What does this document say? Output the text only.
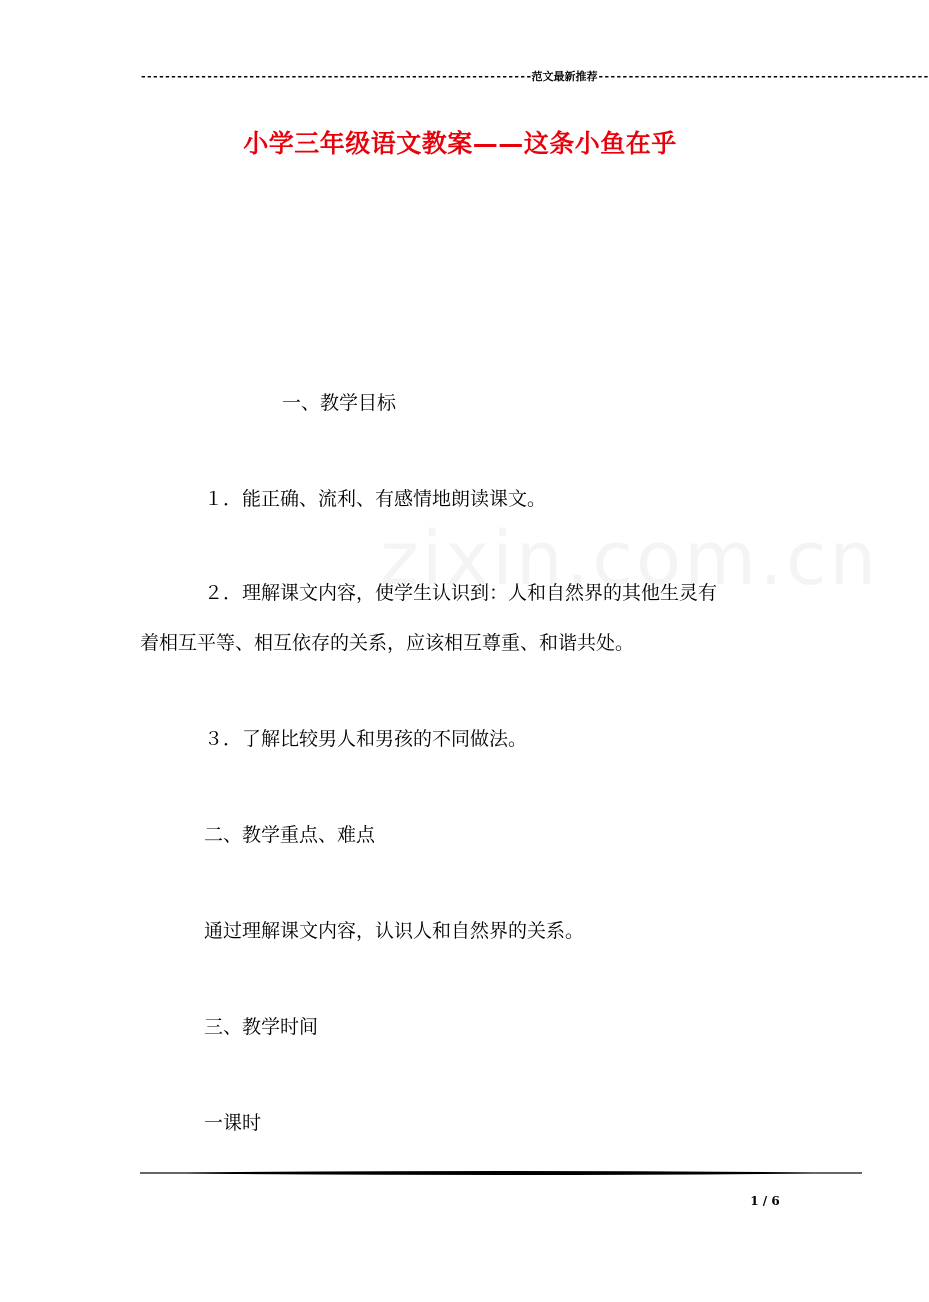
-----------------------------------------------------------------范文最新推荐-------------------------------------------------------
小学三年级语文教案——这条小鱼在乎
一、教学目标
１．能正确、流利、有感情地朗读课文。
２．理解课文内容，使学生认识到：人和自然界的其他生灵有
着相互平等、相互依存的关系，应该相互尊重、和谐共处。
３．了解比较男人和男孩的不同做法。
二、教学重点、难点
通过理解课文内容，认识人和自然界的关系。
三、教学时间
一课时
1 / 6
